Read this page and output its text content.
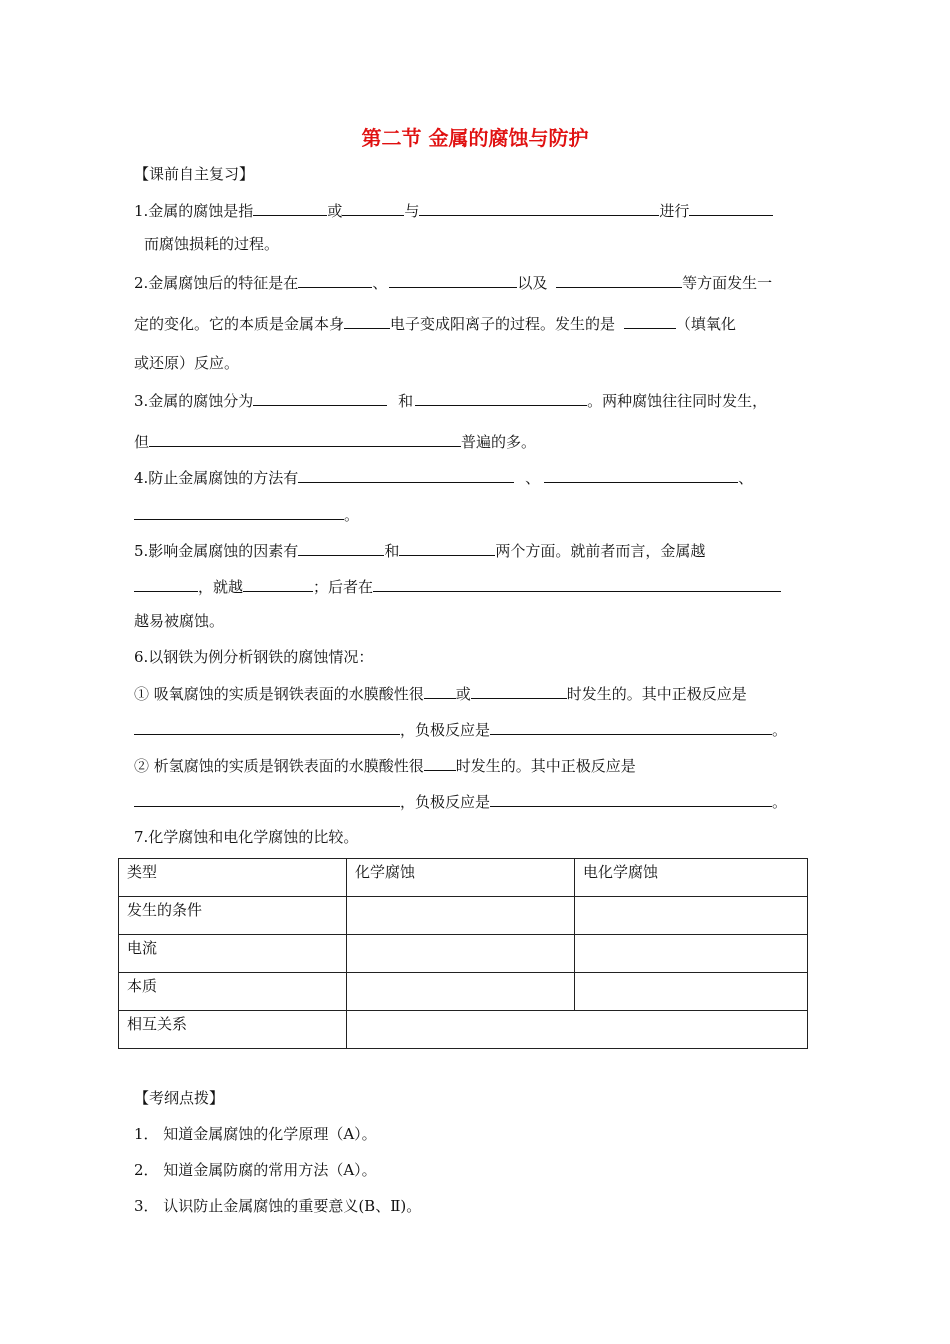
第二节 金属的腐蚀与防护
【课前自主复习】
1.金属的腐蚀是指	或	与	进行
而腐蚀损耗的过程。
2.金属腐蚀后的特征是在	、	以及	等方面发生一
定的变化。它的本质是金属本身	电子变成阳离子的过程。发生的是	（填氧化
或还原）反应。
3.金属的腐蚀分为	和	。两种腐蚀往往同时发生，
但	普遍的多。
4.防止金属腐蚀的方法有	、	、
。
5.影响金属腐蚀的因素有	和	两个方面。就前者而言，金属越
，就越	；后者在
越易被腐蚀。
6.以钢铁为例分析钢铁的腐蚀情况：
① 吸氧腐蚀的实质是钢铁表面的水膜酸性很 或	时发生的。其中正极反应是
，负极反应是	。
② 析氢腐蚀的实质是钢铁表面的水膜酸性很 时发生的。其中正极反应是
，负极反应是	。
7.化学腐蚀和电化学腐蚀的比较。
类型	化学腐蚀	电化学腐蚀
发生的条件		
电流		
本质		
相互关系		
【考纲点拨】
1． 知道金属腐蚀的化学原理（A）。
2． 知道金属防腐的常用方法（A）。
3． 认识防止金属腐蚀的重要意义(B、Ⅱ)。
